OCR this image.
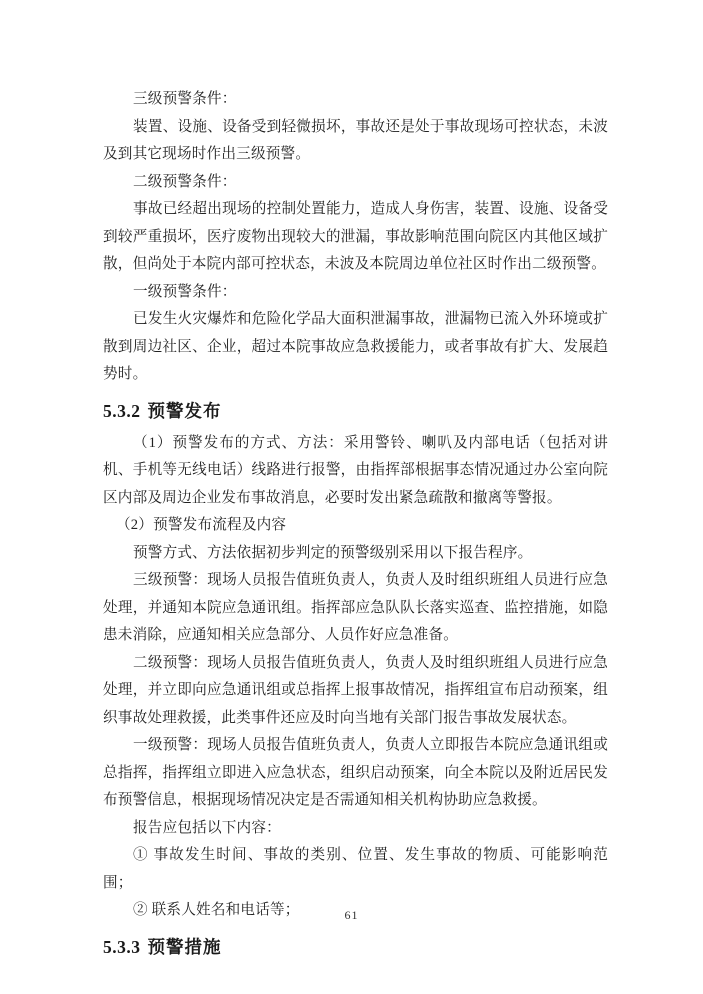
三级预警条件：

装置、设施、设备受到轻微损坏，事故还是处于事故现场可控状态，未波及到其它现场时作出三级预警。

二级预警条件：

事故已经超出现场的控制处置能力，造成人身伤害，装置、设施、设备受到较严重损坏，医疗废物出现较大的泄漏，事故影响范围向院区内其他区域扩散，但尚处于本院内部可控状态，未波及本院周边单位社区时作出二级预警。

一级预警条件：

已发生火灾爆炸和危险化学品大面积泄漏事故，泄漏物已流入外环境或扩散到周边社区、企业，超过本院事故应急救援能力，或者事故有扩大、发展趋势时。

5.3.2 预警发布

（1）预警发布的方式、方法：采用警铃、喇叭及内部电话（包括对讲机、手机等无线电话）线路进行报警，由指挥部根据事态情况通过办公室向院区内部及周边企业发布事故消息，必要时发出紧急疏散和撤离等警报。

（2）预警发布流程及内容

预警方式、方法依据初步判定的预警级别采用以下报告程序。

三级预警：现场人员报告值班负责人，负责人及时组织班组人员进行应急处理，并通知本院应急通讯组。指挥部应急队队长落实巡查、监控措施，如隐患未消除，应通知相关应急部分、人员作好应急准备。

二级预警：现场人员报告值班负责人，负责人及时组织班组人员进行应急处理，并立即向应急通讯组或总指挥上报事故情况，指挥组宣布启动预案，组织事故处理救援，此类事件还应及时向当地有关部门报告事故发展状态。

一级预警：现场人员报告值班负责人，负责人立即报告本院应急通讯组或总指挥，指挥组立即进入应急状态，组织启动预案，向全本院以及附近居民发布预警信息，根据现场情况决定是否需通知相关机构协助应急救援。

报告应包括以下内容：

① 事故发生时间、事故的类别、位置、发生事故的物质、可能影响范围；

② 联系人姓名和电话等；

5.3.3 预警措施
61
